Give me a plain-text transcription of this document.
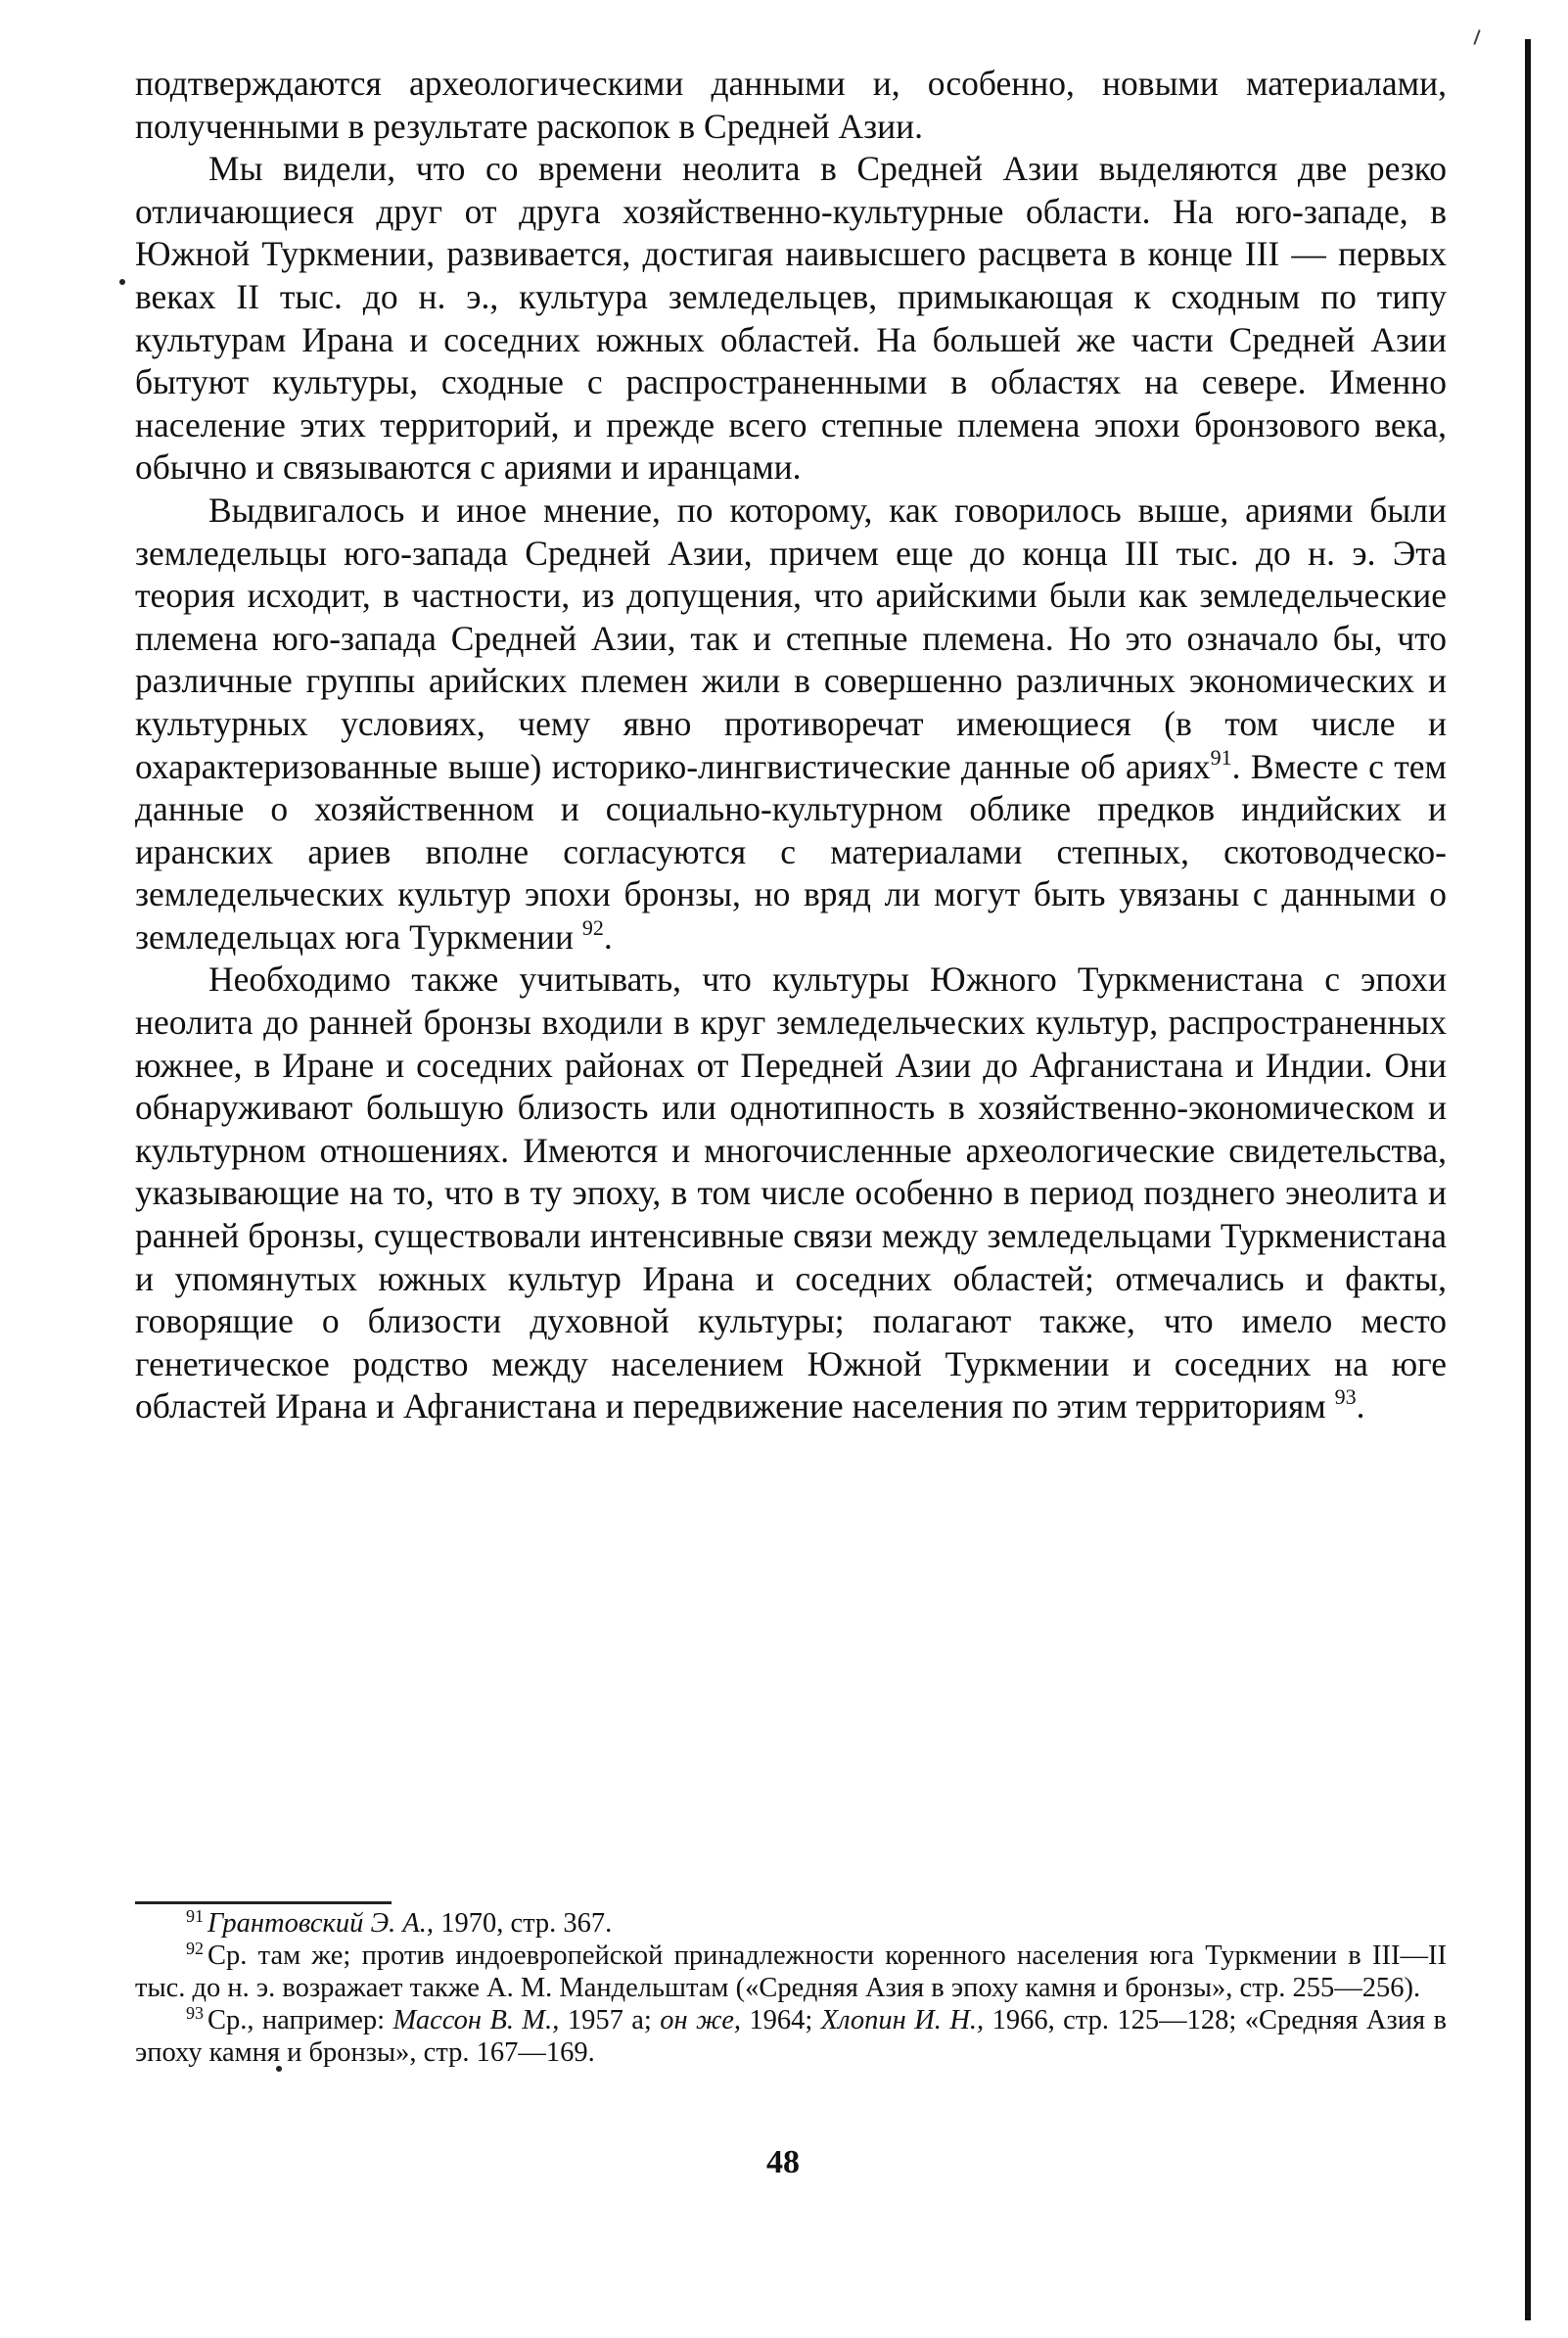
подтверждаются археологическими данными и, особенно, новыми материалами, полученными в результате раскопок в Средней Азии.

Мы видели, что со времени неолита в Средней Азии выделяются две резко отличающиеся друг от друга хозяйственно-культурные области. На юго-западе, в Южной Туркмении, развивается, достигая наивысшего расцвета в конце III — первых веках II тыс. до н. э., культура земледельцев, примыкающая к сходным по типу культурам Ирана и соседних южных областей. На большей же части Средней Азии бытуют культуры, сходные с распространенными в областях на севере. Именно население этих территорий, и прежде всего степные племена эпохи бронзового века, обычно и связываются с ариями и иранцами.

Выдвигалось и иное мнение, по которому, как говорилось выше, ариями были земледельцы юго-запада Средней Азии, причем еще до конца III тыс. до н. э. Эта теория исходит, в частности, из допущения, что арийскими были как земледельческие племена юго-запада Средней Азии, так и степные племена. Но это означало бы, что различные группы арийских племен жили в совершенно различных экономических и культурных условиях, чему явно противоречат имеющиеся (в том числе и охарактеризованные выше) историко-лингвистические данные об ариях$^{91}$. Вместе с тем данные о хозяйственном и социально-культурном облике предков индийских и иранских ариев вполне согласуются с материалами степных, скотоводческо-земледельческих культур эпохи бронзы, но вряд ли могут быть увязаны с данными о земледельцах юга Туркмении $^{92}$.

Необходимо также учитывать, что культуры Южного Туркменистана с эпохи неолита до ранней бронзы входили в круг земледельческих культур, распространенных южнее, в Иране и соседних районах от Передней Азии до Афганистана и Индии. Они обнаруживают большую близость или однотипность в хозяйственно-экономическом и культурном отношениях. Имеются и многочисленные археологические свидетельства, указывающие на то, что в ту эпоху, в том числе особенно в период позднего энеолита и ранней бронзы, существовали интенсивные связи между земледельцами Туркменистана и упомянутых южных культур Ирана и соседних областей; отмечались и факты, говорящие о близости духовной культуры; полагают также, что имело место генетическое родство между населением Южной Туркмении и соседних на юге областей Ирана и Афганистана и передвижение населения по этим территориям $^{93}$.

$^{91}$ Грантовский Э. А., 1970, стр. 367.

$^{92}$ Ср. там же; против индоевропейской принадлежности коренного населения юга Туркмении в III—II тыс. до н. э. возражает также А. М. Мандельштам («Средняя Азия в эпоху камня и бронзы», стр. 255—256).

$^{93}$ Ср., например: Массон В. М., 1957 а; он же, 1964; Хлопин И. Н., 1966, стр. 125—128; «Средняя Азия в эпоху камня и бронзы», стр. 167—169.

48
